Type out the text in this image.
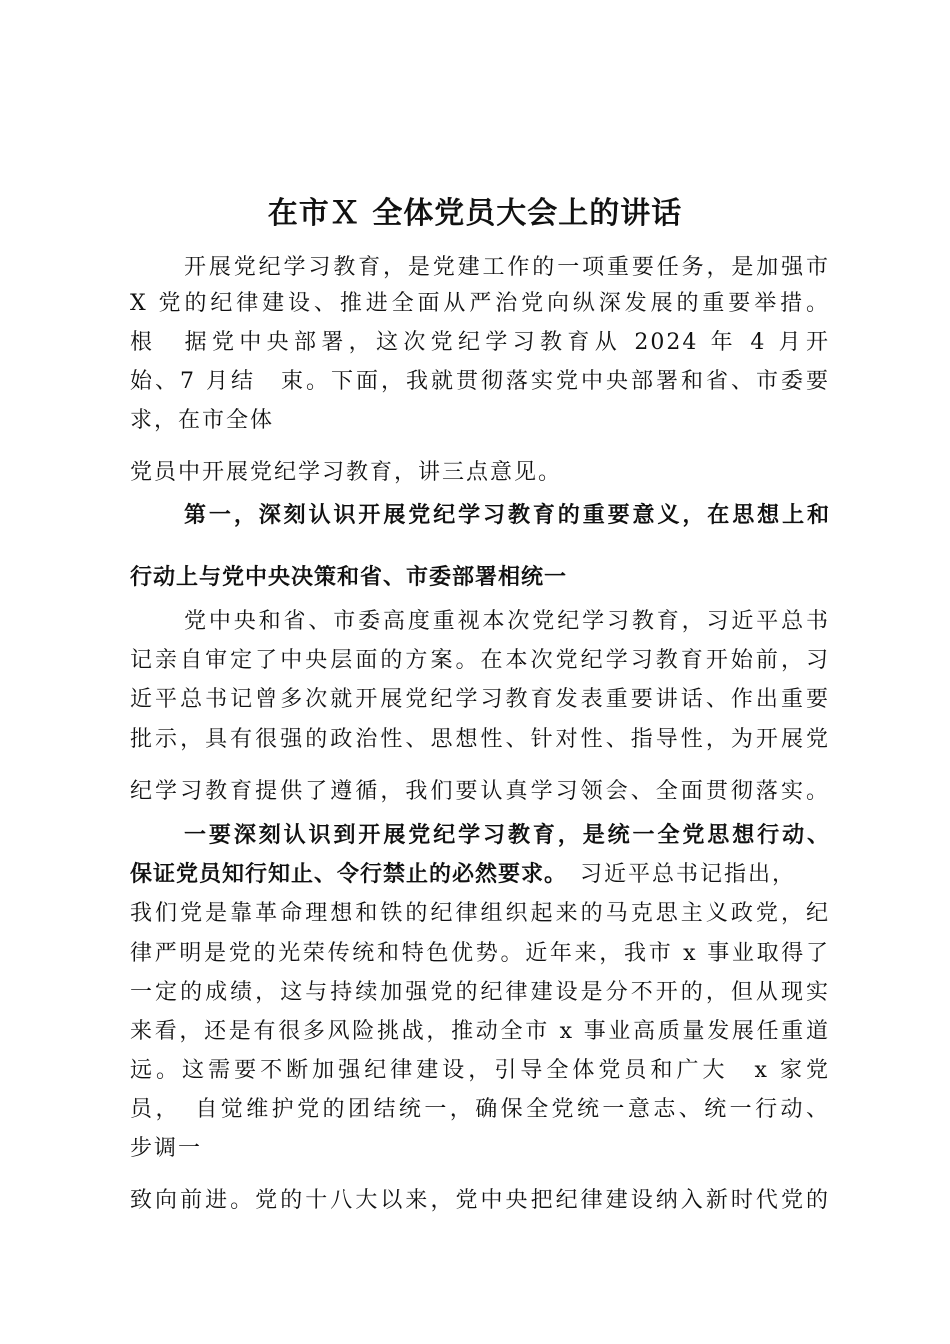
在市Ｘ 全体党员大会上的讲话
开展党纪学习教育，是党建工作的一项重要任务，是加强市
X 党的纪律建设、推进全面从严治党向纵深发展的重要举措。
根　据党中央部署，这次党纪学习教育从 2024 年 4 月开
始、7 月结　束。下面，我就贯彻落实党中央部署和省、市委要
求，在市全体
党员中开展党纪学习教育，讲三点意见。
第一，深刻认识开展党纪学习教育的重要意义，在思想上和
行动上与党中央决策和省、市委部署相统一
党中央和省、市委高度重视本次党纪学习教育，习近平总书
记亲自审定了中央层面的方案。在本次党纪学习教育开始前，习
近平总书记曾多次就开展党纪学习教育发表重要讲话、作出重要
批示，具有很强的政治性、思想性、针对性、指导性，为开展党
纪学习教育提供了遵循，我们要认真学习领会、全面贯彻落实。
一要深刻认识到开展党纪学习教育，是统一全党思想行动、
保证党员知行知止、令行禁止的必然要求。　习近平总书记指出，
我们党是靠革命理想和铁的纪律组织起来的马克思主义政党，纪
律严明是党的光荣传统和特色优势。近年来，我市 x 事业取得了
一定的成绩，这与持续加强党的纪律建设是分不开的，但从现实
来看，还是有很多风险挑战，推动全市 x 事业高质量发展任重道
远。这需要不断加强纪律建设，引导全体党员和广大　x 家党
员，　自觉维护党的团结统一，确保全党统一意志、统一行动、
步调一
致向前进。党的十八大以来，党中央把纪律建设纳入新时代党的
